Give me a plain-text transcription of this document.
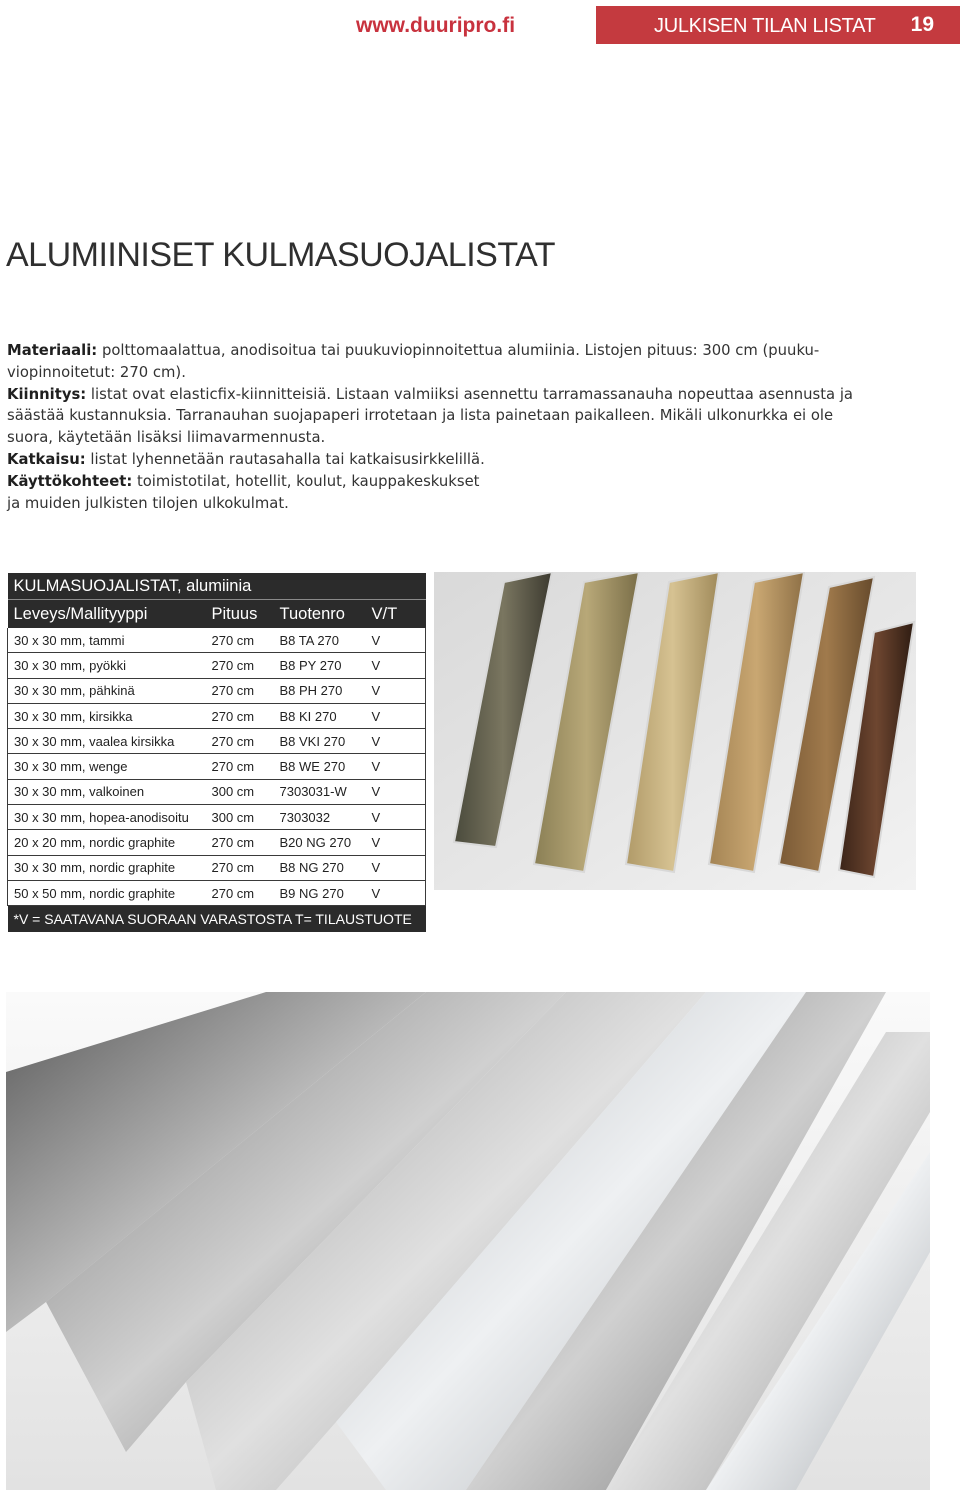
www.duuripro.fi	JULKISEN TILAN LISTAT 19
ALUMIINISET KULMASUOJALISTAT

Materiaali: polttomaalattua, anodisoitua tai puukuviopinnoitettua alumiinia. Listojen pituus: 300 cm (puuku-viopinnoitetut: 270 cm).

Kiinnitys: listat ovat elasticfix-kiinnitteisiä. Listaan valmiiksi asennettu tarramassanauha nopeuttaa asennusta ja säästää kustannuksia. Tarranauhan suojapaperi irrotetaan ja lista painetaan paikalleen. Mikäli ulkonurkka ei ole suora, käytetään lisäksi liimavarmennusta.

Katkaisu: listat lyhennetään rautasahalla tai katkaisusirkkelillä.

Käyttökohteet: toimistotilat, hotellit, koulut, kauppakeskukset ja muiden julkisten tilojen ulkokulmat.

KULMASUOJALISTAT, alumiinia			
Leveys/Mallityyppi	Pituus	Tuotenro	V/T
30 x 30 mm, tammi	270 cm	B8 TA 270	V
30 x 30 mm, pyökki	270 cm	B8 PY 270	V
30 x 30 mm, pähkinä	270 cm	B8 PH 270	V
30 x 30 mm, kirsikka	270 cm	B8 KI 270	V
30 x 30 mm, vaalea kirsikka	270 cm	B8 VKI 270	V
30 x 30 mm, wenge	270 cm	B8 WE 270	V
30 x 30 mm, valkoinen	300 cm	7303031-W	V
30 x 30 mm, hopea-anodisoitu	300 cm	7303032	V
20 x 20 mm, nordic graphite	270 cm	B20 NG 270	V
30 x 30 mm, nordic graphite	270 cm	B8 NG 270	V
50 x 50 mm, nordic graphite	270 cm	B9 NG 270	V
*V = SAATAVANA SUORAAN VARASTOSTA T= TILAUSTUOTE			
